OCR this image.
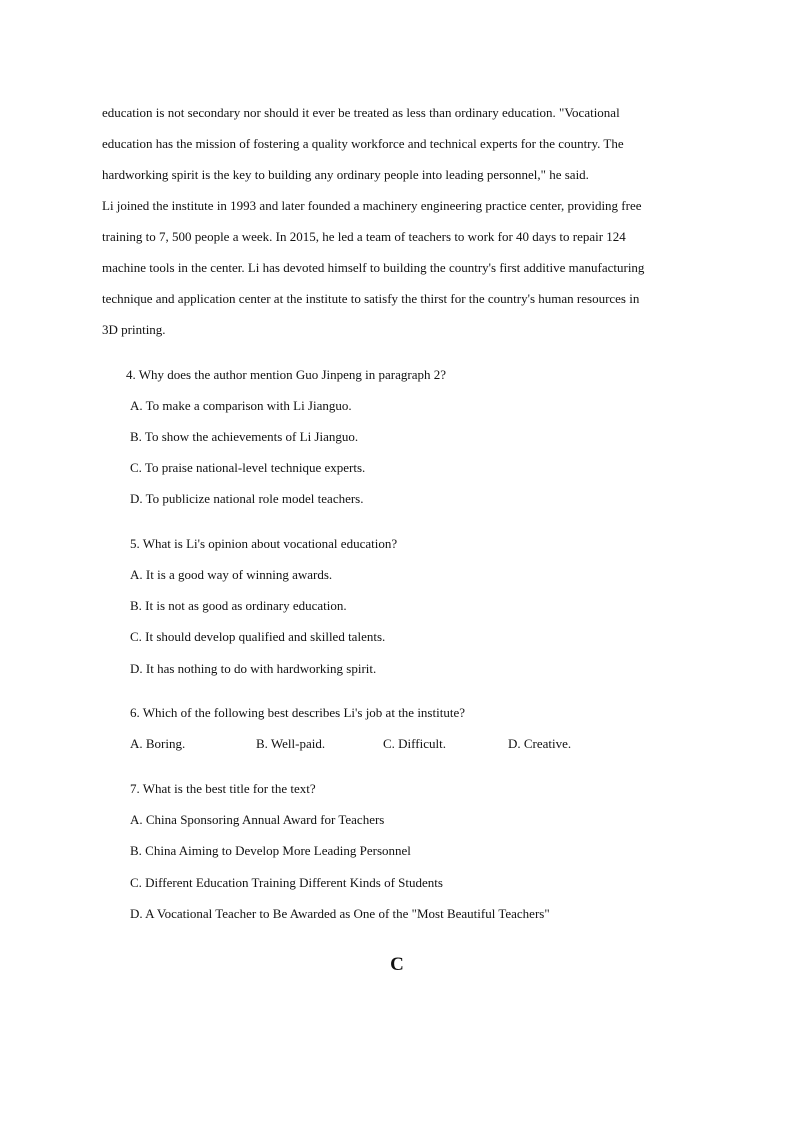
education is not secondary nor should it ever be treated as less than ordinary education. "Vocational
education has the mission of fostering a quality workforce and technical experts for the country. The
hardworking spirit is the key to building any ordinary people into leading personnel," he said.

Li joined the institute in 1993 and later founded a machinery engineering practice center, providing free
training to 7, 500 people a week. In 2015, he led a team of teachers to work for 40 days to repair 124
machine tools in the center. Li has devoted himself to building the country's first additive manufacturing
technique and application center at the institute to satisfy the thirst for the country's human resources in
3D printing.

4. Why does the author mention Guo Jinpeng in paragraph 2?
A. To make a comparison with Li Jianguo.
B. To show the achievements of Li Jianguo.
C. To praise national-level technique experts.
D. To publicize national role model teachers.
5. What is Li's opinion about vocational education?
A. It is a good way of winning awards.
B. It is not as good as ordinary education.
C. It should develop qualified and skilled talents.
D. It has nothing to do with hardworking spirit.
6. Which of the following best describes Li's job at the institute?
A. Boring.	B. Well-paid.	C. Difficult.	D. Creative.
7. What is the best title for the text?
A. China Sponsoring Annual Award for Teachers
B. China Aiming to Develop More Leading Personnel
C. Different Education Training Different Kinds of Students
D. A Vocational Teacher to Be Awarded as One of the "Most Beautiful Teachers"
C
